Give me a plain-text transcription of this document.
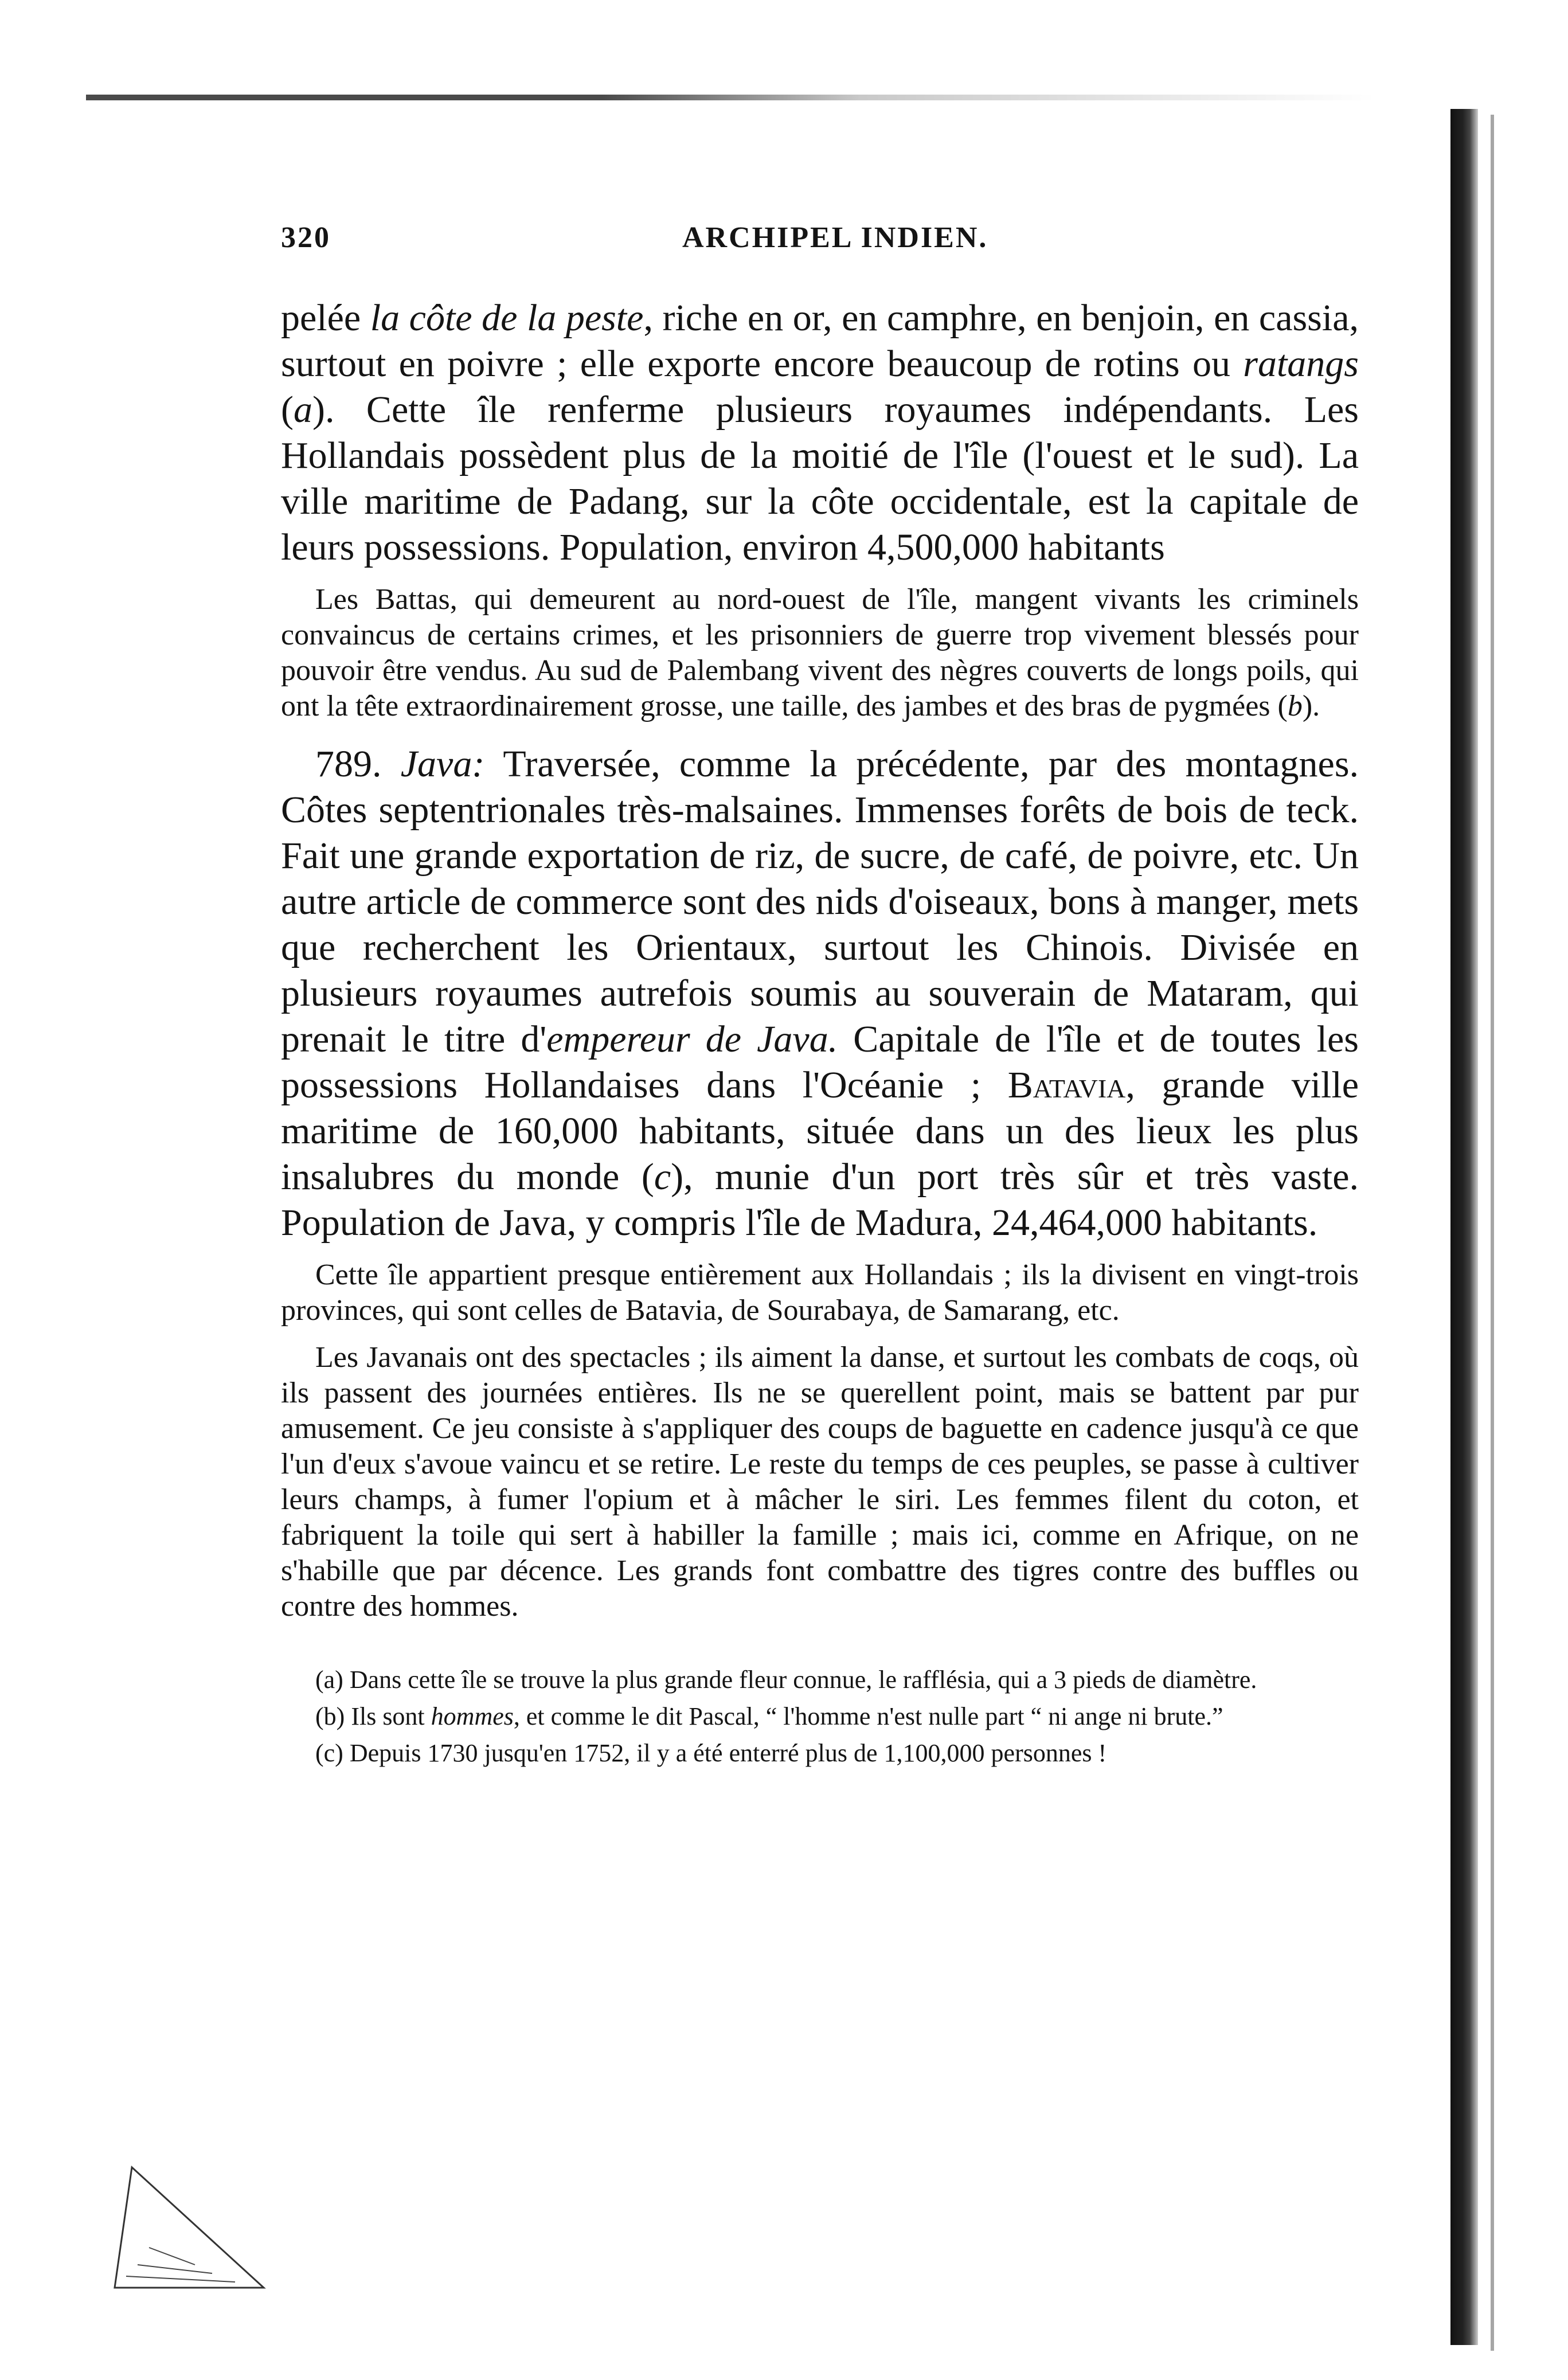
320	ARCHIPEL INDIEN.

pelée la côte de la peste, riche en or, en camphre, en benjoin, en cassia, surtout en poivre ; elle exporte encore beaucoup de rotins ou ratangs (a). Cette île renferme plusieurs royaumes indépendants. Les Hollandais possèdent plus de la moitié de l'île (l'ouest et le sud). La ville maritime de Padang, sur la côte occidentale, est la capitale de leurs possessions. Population, environ 4,500,000 habitants

Les Battas, qui demeurent au nord-ouest de l'île, mangent vivants les criminels convaincus de certains crimes, et les prisonniers de guerre trop vivement blessés pour pouvoir être vendus. Au sud de Palembang vivent des nègres couverts de longs poils, qui ont la tête extraordinairement grosse, une taille, des jambes et des bras de pygmées (b).

789. Java: Traversée, comme la précédente, par des montagnes. Côtes septentrionales très-malsaines. Immenses forêts de bois de teck. Fait une grande exportation de riz, de sucre, de café, de poivre, etc. Un autre article de commerce sont des nids d'oiseaux, bons à manger, mets que recherchent les Orientaux, surtout les Chinois. Divisée en plusieurs royaumes autrefois soumis au souverain de Mataram, qui prenait le titre d'empereur de Java. Capitale de l'île et de toutes les possessions Hollandaises dans l'Océanie ; Batavia, grande ville maritime de 160,000 habitants, située dans un des lieux les plus insalubres du monde (c), munie d'un port très sûr et très vaste. Population de Java, y compris l'île de Madura, 24,464,000 habitants.

Cette île appartient presque entièrement aux Hollandais ; ils la divisent en vingt-trois provinces, qui sont celles de Batavia, de Sourabaya, de Samarang, etc.

Les Javanais ont des spectacles ; ils aiment la danse, et surtout les combats de coqs, où ils passent des journées entières. Ils ne se querellent point, mais se battent par pur amusement. Ce jeu consiste à s'appliquer des coups de baguette en cadence jusqu'à ce que l'un d'eux s'avoue vaincu et se retire. Le reste du temps de ces peuples, se passe à cultiver leurs champs, à fumer l'opium et à mâcher le siri. Les femmes filent du coton, et fabriquent la toile qui sert à habiller la famille ; mais ici, comme en Afrique, on ne s'habille que par décence. Les grands font combattre des tigres contre des buffles ou contre des hommes.

(a) Dans cette île se trouve la plus grande fleur connue, le rafflésia, qui a 3 pieds de diamètre.

(b) Ils sont hommes, et comme le dit Pascal, “ l'homme n'est nulle part “ ni ange ni brute.”

(c) Depuis 1730 jusqu'en 1752, il y a été enterré plus de 1,100,000 personnes !
